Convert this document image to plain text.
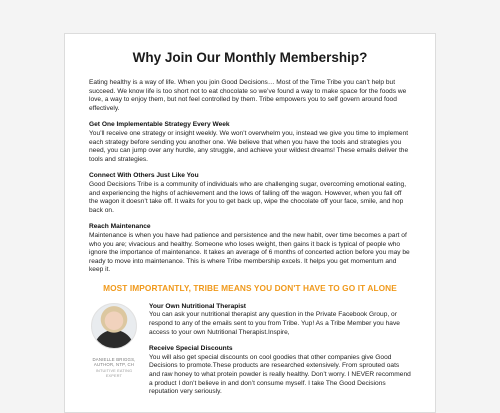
Why Join Our Monthly Membership?

Eating healthy is a way of life. When you join Good Decisions… Most of the Time Tribe you can’t help but succeed. We know life is too short not to eat chocolate so we’ve found a way to make space for the foods we love, a way to enjoy them, but not feel controlled by them. Tribe empowers you to self govern around food effectively.

Get One Implementable Strategy Every Week

You’ll receive one strategy or insight weekly. We won’t overwhelm you, instead we give you time to implement each strategy before sending you another one. We believe that when you have the tools and strategies you need, you can jump over any hurdle, any struggle, and achieve your wildest dreams! These emails deliver the tools and strategies.

Connect With Others Just Like You

Good Decisions Tribe is a community of individuals who are challenging sugar, overcoming emotional eating, and experiencing the highs of achievement and the lows of falling off the wagon. However, when you fall off the wagon it doesn’t take off. It waits for you to get back up, wipe the chocolate off your face, smile, and hop back on.

Reach Maintenance

Maintenance is when you have had patience and persistence and the new habit, over time becomes a part of who you are; vivacious and healthy. Someone who loses weight, then gains it back is typical of people who ignore the importance of maintenance. It takes an average of 6 months of concerted action before you may be ready to move into maintenance. This is where Tribe membership excels. It helps you get momentum and keep it.

MOST IMPORTANTLY, TRIBE MEANS YOU DON'T HAVE TO GO IT ALONE
DANIELLE BRIGGS, AUTHOR, NTP, CH
INTUITIVE EATING EXPERT

Your Own Nutritional Therapist

You can ask your nutritional therapist any question in the Private Facebook Group, or respond to any of the emails sent to you from Tribe. Yup! As a Tribe Member you have access to your own Nutritional Therapist.Inspire,

Receive Special Discounts

You will also get special discounts on cool goodies that other companies give Good Decisions to promote.These products are researched extensively. From sprouted oats and raw honey to what protein powder is really healthy. Don’t worry. I NEVER recommend a product I don’t believe in and don’t consume myself. I take The Good Decisions reputation very seriously.
